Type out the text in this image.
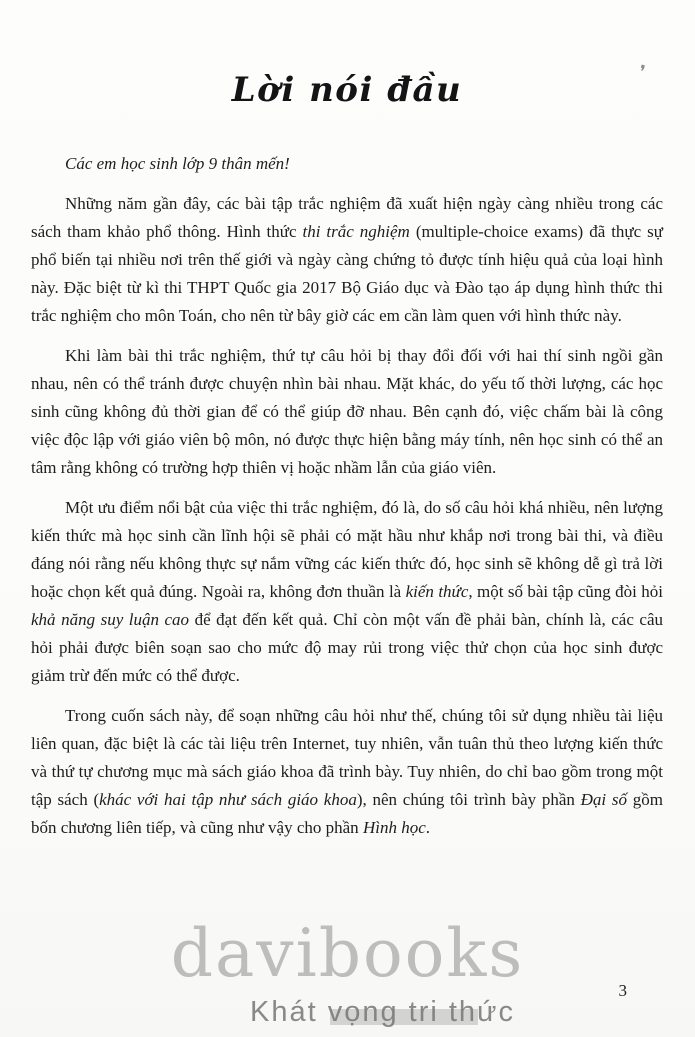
❜
Lời nói đầu

Các em học sinh lớp 9 thân mến!

Những năm gần đây, các bài tập trắc nghiệm đã xuất hiện ngày càng nhiều trong các sách tham khảo phổ thông. Hình thức thi trắc nghiệm (multiple-choice exams) đã thực sự phổ biến tại nhiều nơi trên thế giới và ngày càng chứng tỏ được tính hiệu quả của loại hình này. Đặc biệt từ kì thi THPT Quốc gia 2017 Bộ Giáo dục và Đào tạo áp dụng hình thức thi trắc nghiệm cho môn Toán, cho nên từ bây giờ các em cần làm quen với hình thức này.

Khi làm bài thi trắc nghiệm, thứ tự câu hỏi bị thay đổi đối với hai thí sinh ngồi gần nhau, nên có thể tránh được chuyện nhìn bài nhau. Mặt khác, do yếu tố thời lượng, các học sinh cũng không đủ thời gian để có thể giúp đỡ nhau. Bên cạnh đó, việc chấm bài là công việc độc lập với giáo viên bộ môn, nó được thực hiện bằng máy tính, nên học sinh có thể an tâm rằng không có trường hợp thiên vị hoặc nhầm lẫn của giáo viên.

Một ưu điểm nổi bật của việc thi trắc nghiệm, đó là, do số câu hỏi khá nhiều, nên lượng kiến thức mà học sinh cần lĩnh hội sẽ phải có mặt hầu như khắp nơi trong bài thi, và điều đáng nói rằng nếu không thực sự nắm vững các kiến thức đó, học sinh sẽ không dễ gì trả lời hoặc chọn kết quả đúng. Ngoài ra, không đơn thuần là kiến thức, một số bài tập cũng đòi hỏi khả năng suy luận cao để đạt đến kết quả. Chỉ còn một vấn đề phải bàn, chính là, các câu hỏi phải được biên soạn sao cho mức độ may rủi trong việc thử chọn của học sinh được giảm trừ đến mức có thể được.

Trong cuốn sách này, để soạn những câu hỏi như thế, chúng tôi sử dụng nhiều tài liệu liên quan, đặc biệt là các tài liệu trên Internet, tuy nhiên, vẫn tuân thủ theo lượng kiến thức và thứ tự chương mục mà sách giáo khoa đã trình bày. Tuy nhiên, do chỉ bao gồm trong một tập sách (khác với hai tập như sách giáo khoa), nên chúng tôi trình bày phần Đại số gồm bốn chương liên tiếp, và cũng như vậy cho phần Hình học.

davibooks
Khát vọng tri thức
3
